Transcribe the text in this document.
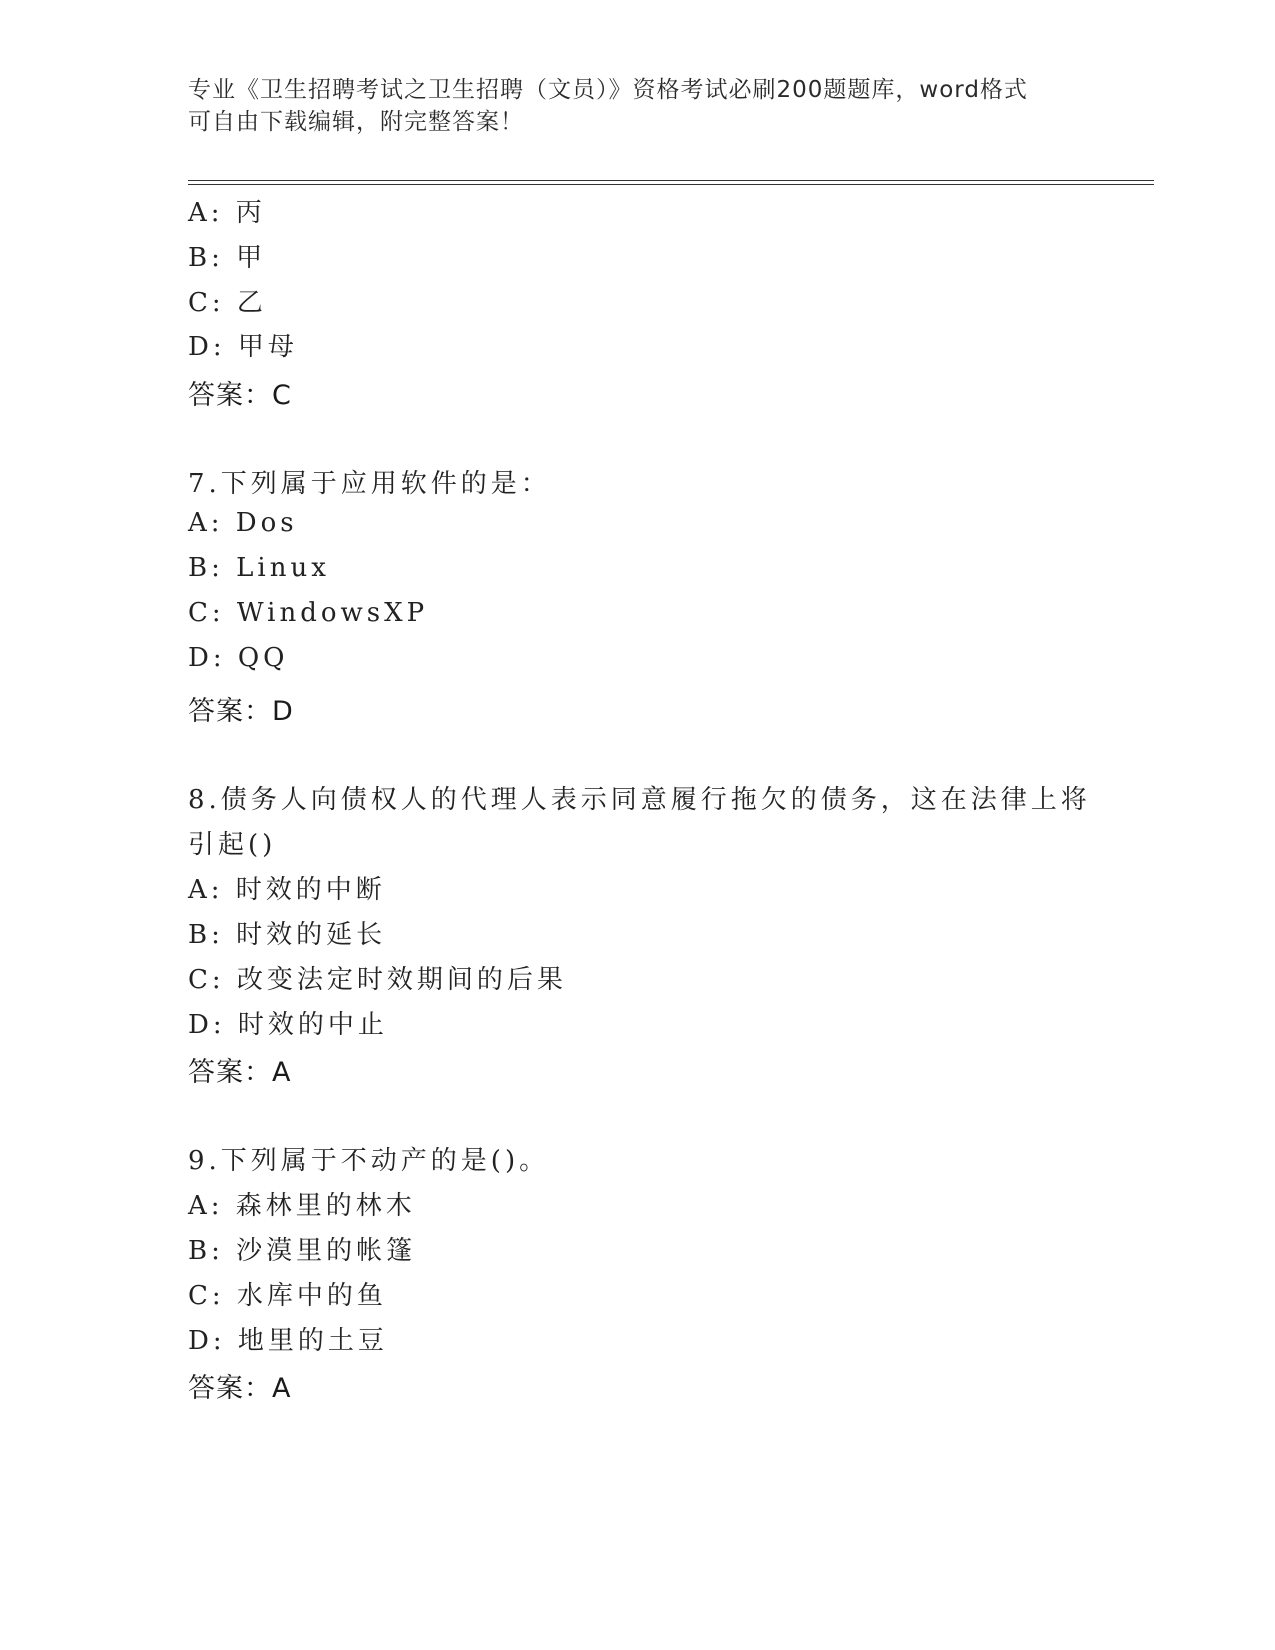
专业《卫生招聘考试之卫生招聘（文员）》资格考试必刷200题题库，word格式
可自由下载编辑，附完整答案！
A: 丙
B: 甲
C: 乙
D: 甲母
答案：C
7.下列属于应用软件的是：
A: Dos
B: Linux
C: WindowsXP
D: QQ
答案：D
8.债务人向债权人的代理人表示同意履行拖欠的债务，这在法律上将
引起()
A: 时效的中断
B: 时效的延长
C: 改变法定时效期间的后果
D: 时效的中止
答案：A
9.下列属于不动产的是()。
A: 森林里的林木
B: 沙漠里的帐篷
C: 水库中的鱼
D: 地里的土豆
答案：A
